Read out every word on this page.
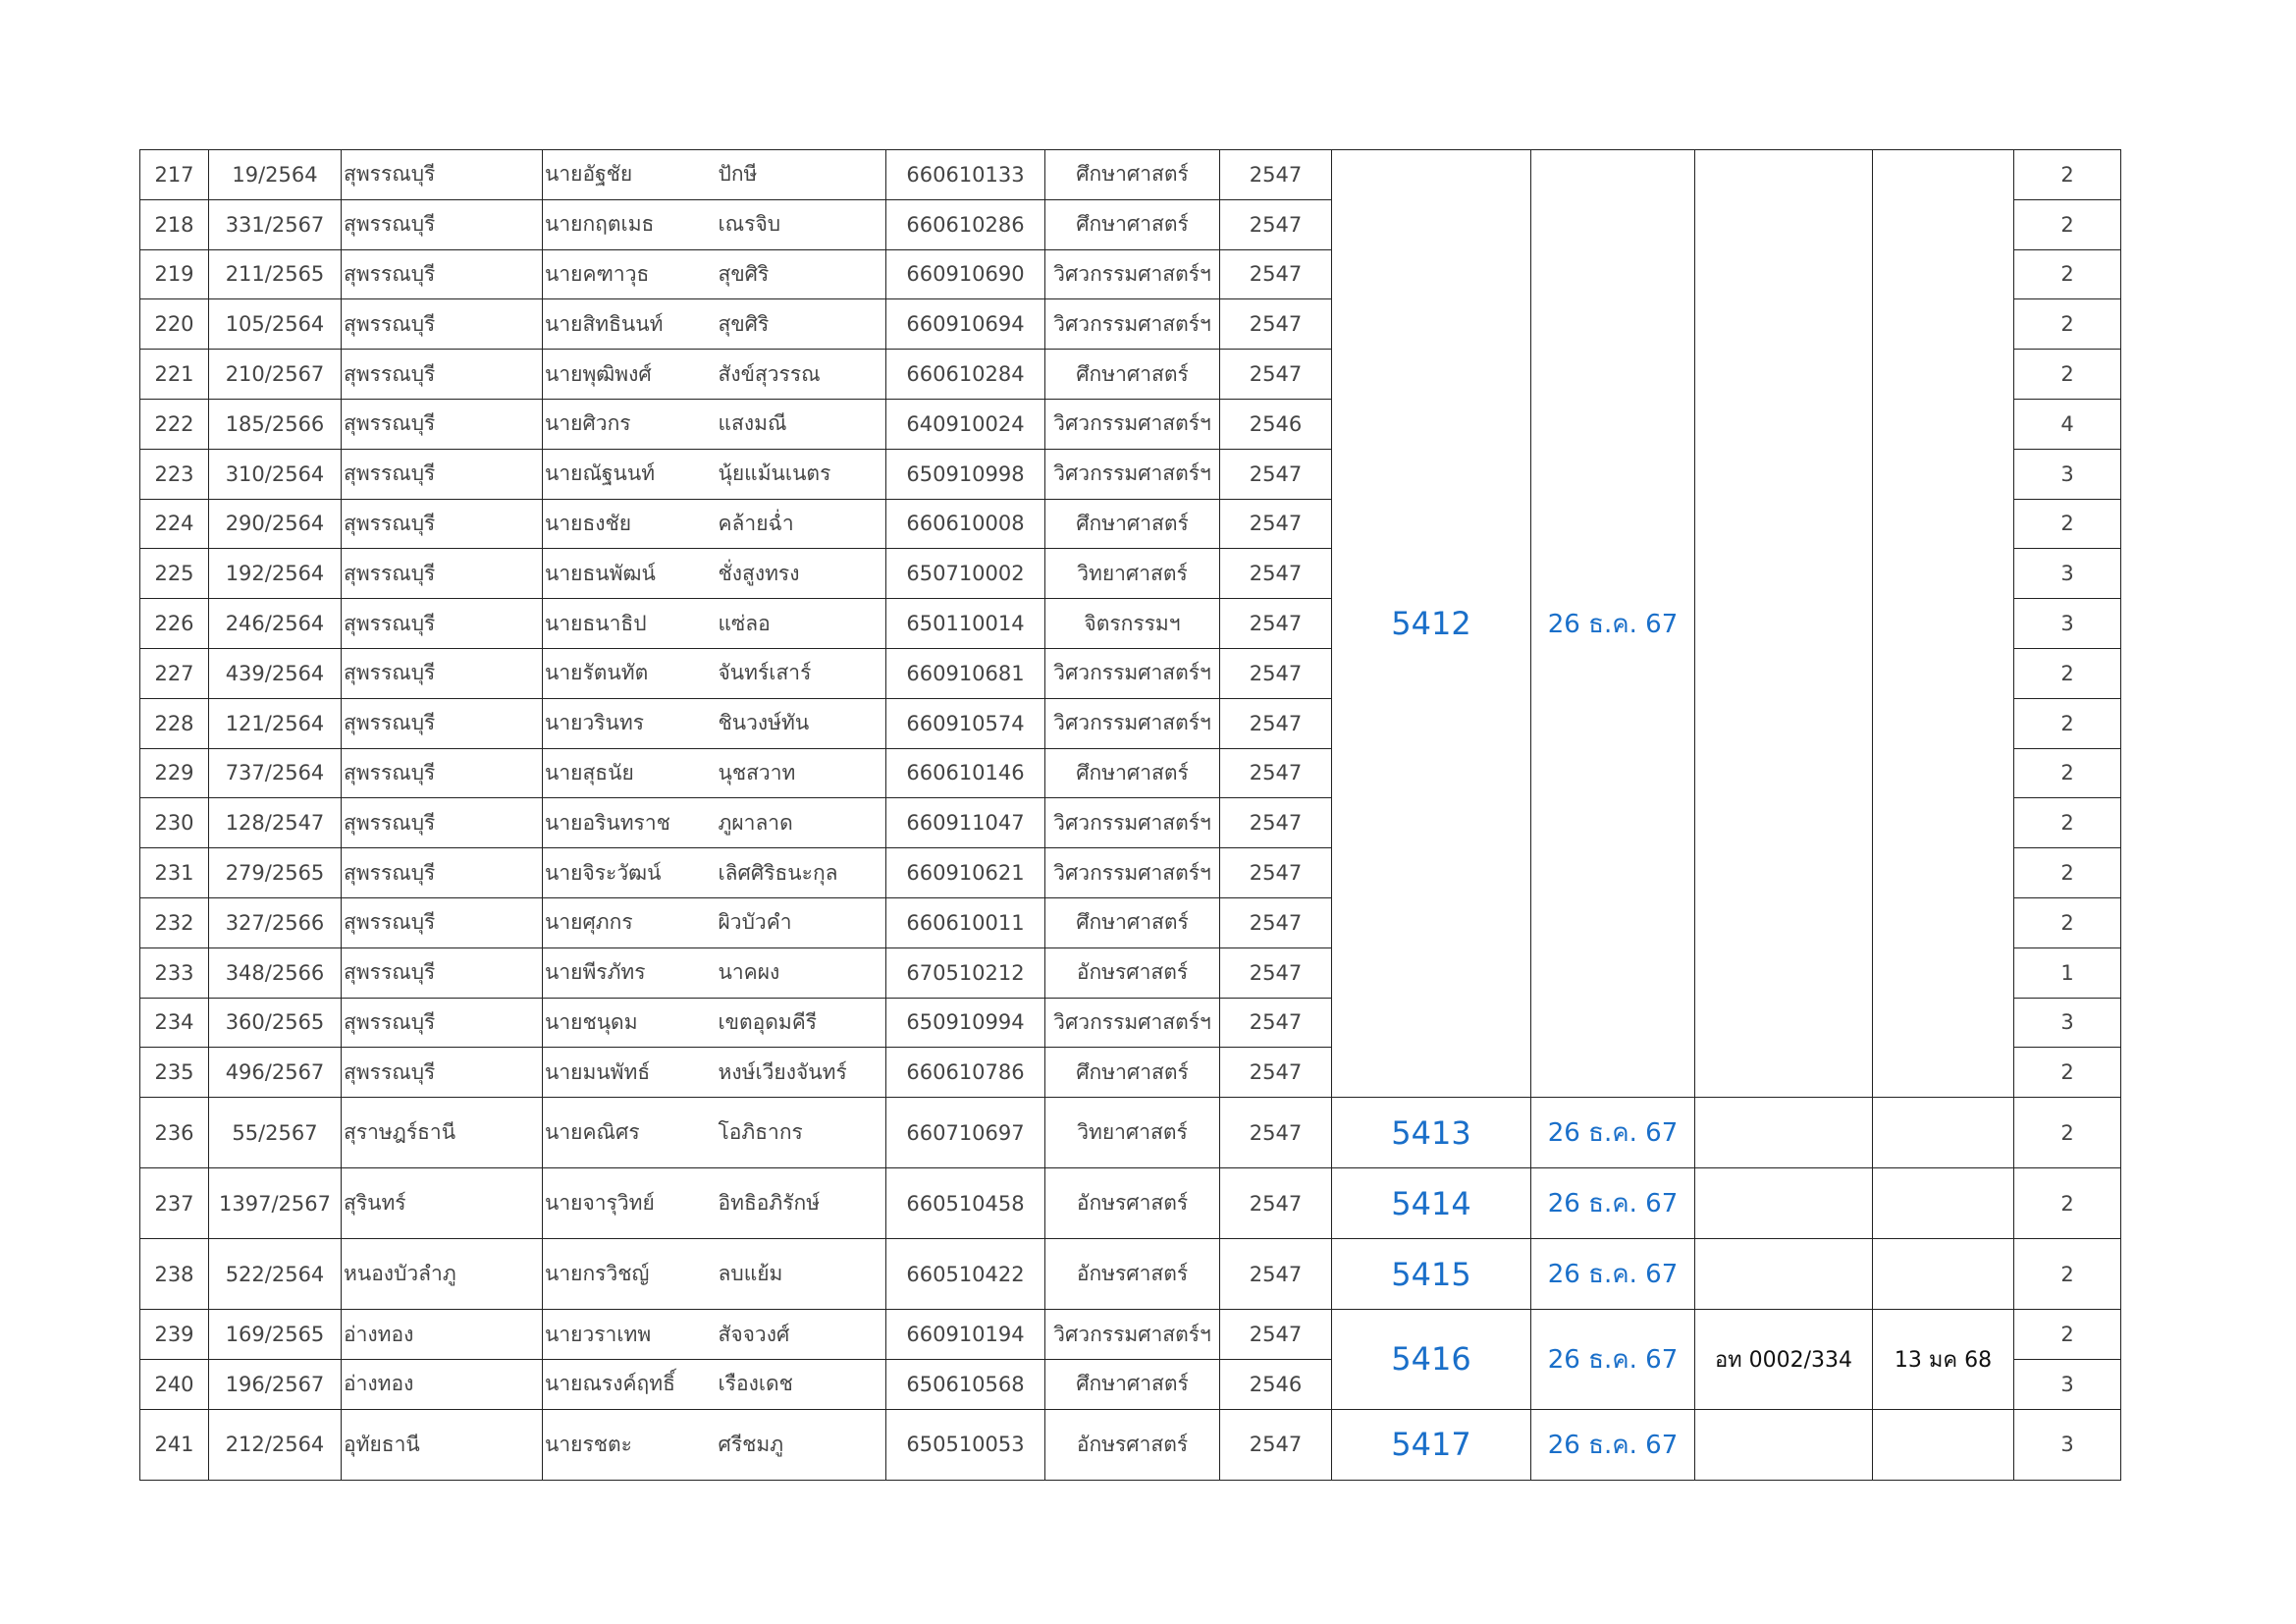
217	19/2564	สุพรรณบุรี	นายอัฐชัย	ปักษี	660610133	ศึกษาศาสตร์	2547	5412	26 ธ.ค. 67			2
218	331/2567	สุพรรณบุรี	นายกฤตเมธ	เณรจิบ	660610286	ศึกษาศาสตร์	2547					2
219	211/2565	สุพรรณบุรี	นายคฑาวุธ	สุขศิริ	660910690	วิศวกรรมศาสตร์ฯ	2547					2
220	105/2564	สุพรรณบุรี	นายสิทธินนท์	สุขศิริ	660910694	วิศวกรรมศาสตร์ฯ	2547					2
221	210/2567	สุพรรณบุรี	นายพุฒิพงศ์	สังข์สุวรรณ	660610284	ศึกษาศาสตร์	2547					2
222	185/2566	สุพรรณบุรี	นายศิวกร	แสงมณี	640910024	วิศวกรรมศาสตร์ฯ	2546					4
223	310/2564	สุพรรณบุรี	นายณัฐนนท์	นุ้ยแม้นเนตร	650910998	วิศวกรรมศาสตร์ฯ	2547					3
224	290/2564	สุพรรณบุรี	นายธงชัย	คล้ายฉ่ำ	660610008	ศึกษาศาสตร์	2547					2
225	192/2564	สุพรรณบุรี	นายธนพัฒน์	ชั่งสูงทรง	650710002	วิทยาศาสตร์	2547					3
226	246/2564	สุพรรณบุรี	นายธนาธิป	แซ่ลอ	650110014	จิตรกรรมฯ	2547					3
227	439/2564	สุพรรณบุรี	นายรัตนทัต	จันทร์เสาร์	660910681	วิศวกรรมศาสตร์ฯ	2547					2
228	121/2564	สุพรรณบุรี	นายวรินทร	ชินวงษ์ทัน	660910574	วิศวกรรมศาสตร์ฯ	2547					2
229	737/2564	สุพรรณบุรี	นายสุธนัย	นุชสวาท	660610146	ศึกษาศาสตร์	2547					2
230	128/2547	สุพรรณบุรี	นายอรินทราช	ภูผาลาด	660911047	วิศวกรรมศาสตร์ฯ	2547					2
231	279/2565	สุพรรณบุรี	นายจิระวัฒน์	เลิศศิริธนะกุล	660910621	วิศวกรรมศาสตร์ฯ	2547					2
232	327/2566	สุพรรณบุรี	นายศุภกร	ผิวบัวคำ	660610011	ศึกษาศาสตร์	2547					2
233	348/2566	สุพรรณบุรี	นายพีรภัทร	นาคผง	670510212	อักษรศาสตร์	2547					1
234	360/2565	สุพรรณบุรี	นายชนุดม	เขตอุดมคีรี	650910994	วิศวกรรมศาสตร์ฯ	2547					3
235	496/2567	สุพรรณบุรี	นายมนพัทธ์	หงษ์เวียงจันทร์	660610786	ศึกษาศาสตร์	2547					2
236	55/2567	สุราษฎร์ธานี	นายคณิศร	โอภิธากร	660710697	วิทยาศาสตร์	2547	5413	26 ธ.ค. 67			2
237	1397/2567	สุรินทร์	นายจารุวิทย์	อิทธิอภิรักษ์	660510458	อักษรศาสตร์	2547	5414	26 ธ.ค. 67			2
238	522/2564	หนองบัวลำภู	นายกรวิชญ์	ลบแย้ม	660510422	อักษรศาสตร์	2547	5415	26 ธ.ค. 67			2
239	169/2565	อ่างทอง	นายวราเทพ	สัจจวงศ์	660910194	วิศวกรรมศาสตร์ฯ	2547	5416	26 ธ.ค. 67	อท 0002/334	13 มค 68	2
240	196/2567	อ่างทอง	นายณรงค์ฤทธิ์	เรืองเดช	650610568	ศึกษาศาสตร์	2546					3
241	212/2564	อุทัยธานี	นายรชตะ	ศรีชมภู	650510053	อักษรศาสตร์	2547	5417	26 ธ.ค. 67			3
